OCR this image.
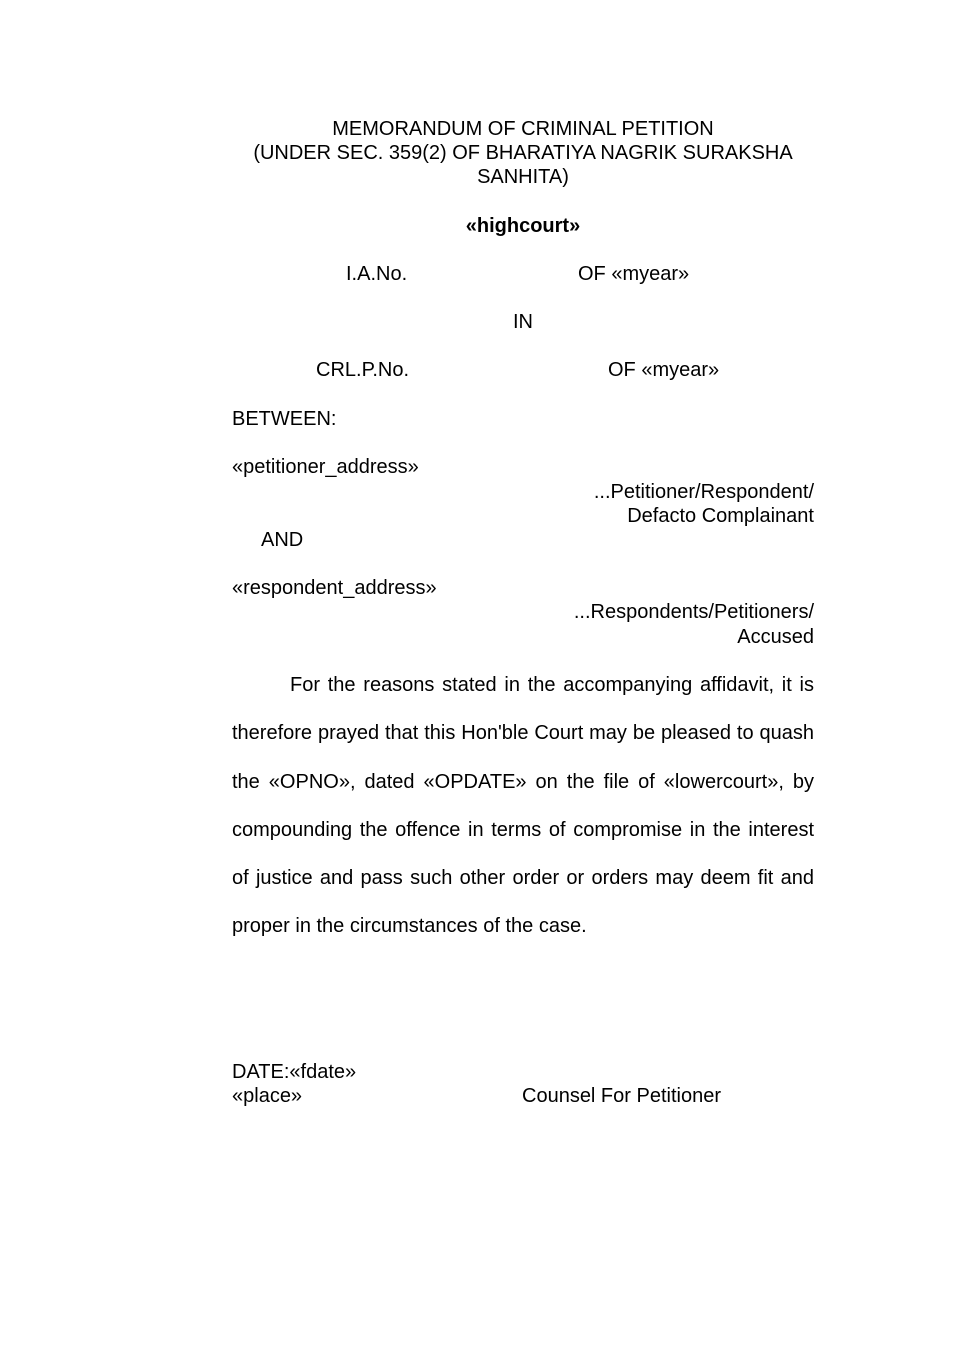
MEMORANDUM OF CRIMINAL PETITION
(UNDER SEC. 359(2) OF BHARATIYA NAGRIK SURAKSHA
SANHITA)
«highcourt»
I.A.No.	OF «myear»
IN
CRL.P.No.	OF «myear»
BETWEEN:
«petitioner_address»
...Petitioner/Respondent/
Defacto Complainant
AND
«respondent_address»
...Respondents/Petitioners/
Accused

For the reasons stated in the accompanying affidavit, it is therefore prayed that this Hon'ble Court may be pleased to quash the «OPNO», dated «OPDATE» on the file of «lowercourt», by compounding the offence in terms of compromise in the interest of justice and pass such other order or orders may deem fit and proper in the circumstances of the case.

DATE:«fdate»
«place»	Counsel For Petitioner
